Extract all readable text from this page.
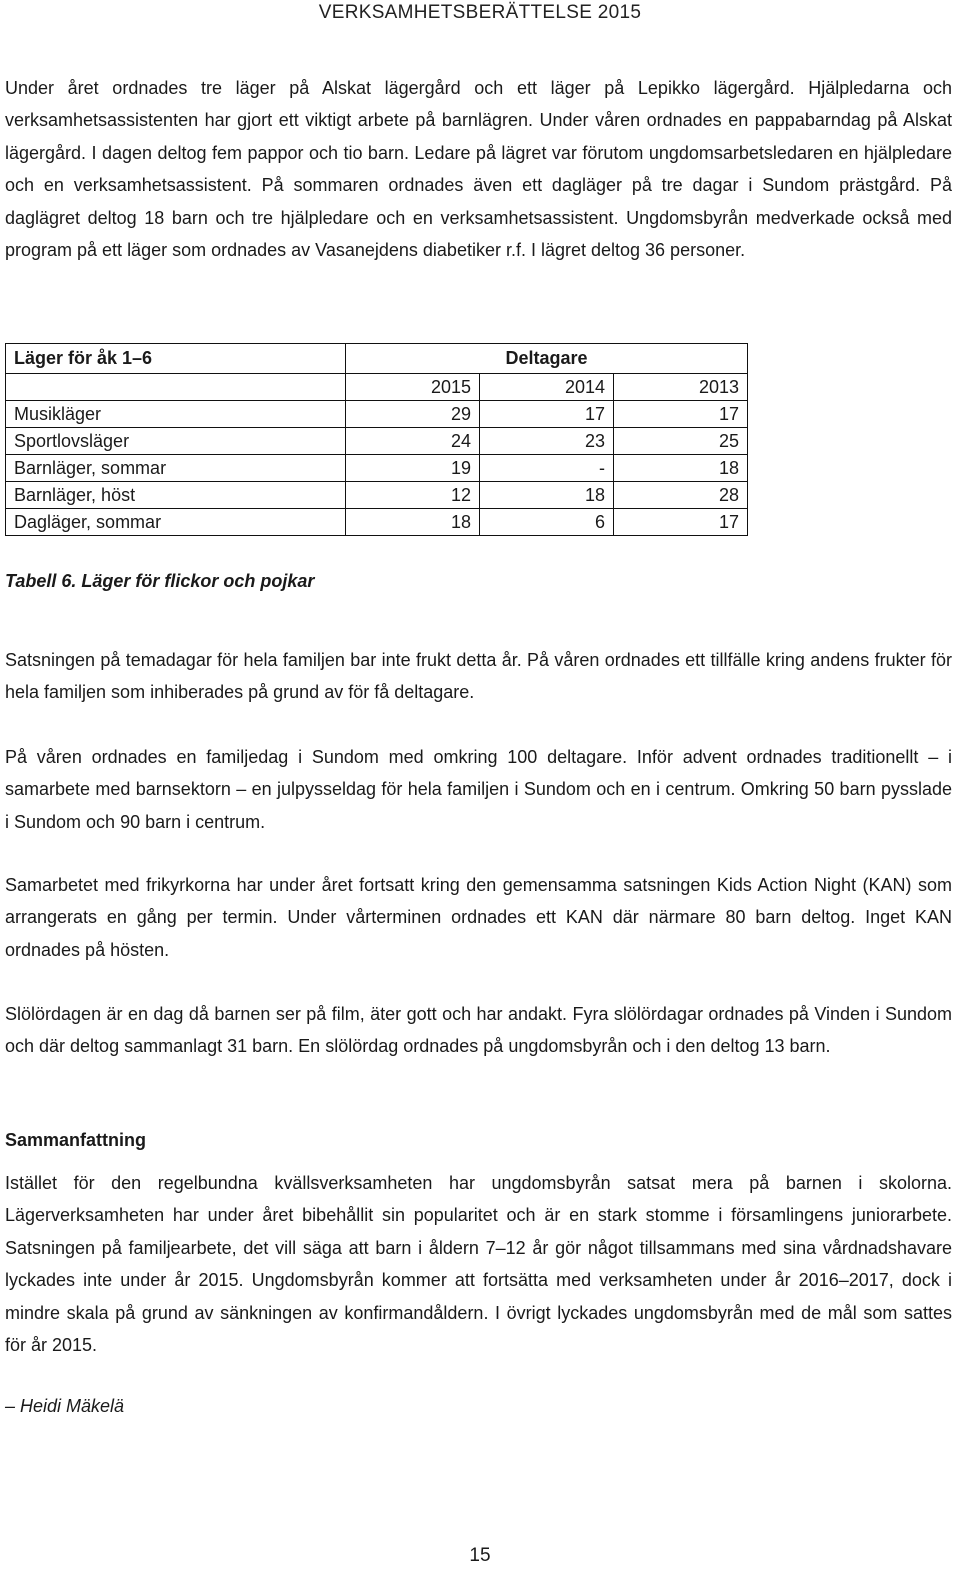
VERKSAMHETSBERÄTTELSE 2015

Under året ordnades tre läger på Alskat lägergård och ett läger på Lepikko lägergård. Hjälpledarna och verksamhetsassistenten har gjort ett viktigt arbete på barnlägren. Under våren ordnades en pappabarndag på Alskat lägergård. I dagen deltog fem pappor och tio barn. Ledare på lägret var förutom ungdomsarbetsledaren en hjälpledare och en verksamhetsassistent. På sommaren ordnades även ett dagläger på tre dagar i Sundom prästgård. På daglägret deltog 18 barn och tre hjälpledare och en verksamhetsassistent. Ungdomsbyrån medverkade också med program på ett läger som ordnades av Vasanejdens diabetiker r.f. I lägret deltog 36 personer.

Läger för åk 1–6	Deltagare		
	2015	2014	2013
Musikläger	29	17	17
Sportlovsläger	24	23	25
Barnläger, sommar	19	-	18
Barnläger, höst	12	18	28
Dagläger, sommar	18	6	17
Tabell 6. Läger för flickor och pojkar

Satsningen på temadagar för hela familjen bar inte frukt detta år. På våren ordnades ett tillfälle kring andens frukter för hela familjen som inhiberades på grund av för få deltagare.

På våren ordnades en familjedag i Sundom med omkring 100 deltagare. Inför advent ordnades traditionellt – i samarbete med barnsektorn – en julpysseldag för hela familjen i Sundom och en i centrum. Omkring 50 barn pysslade i Sundom och 90 barn i centrum.

Samarbetet med frikyrkorna har under året fortsatt kring den gemensamma satsningen Kids Action Night (KAN) som arrangerats en gång per termin. Under vårterminen ordnades ett KAN där närmare 80 barn deltog. Inget KAN ordnades på hösten.

Slölördagen är en dag då barnen ser på film, äter gott och har andakt. Fyra slölördagar ordnades på Vinden i Sundom och där deltog sammanlagt 31 barn. En slölördag ordnades på ungdomsbyrån och i den deltog 13 barn.

Sammanfattning

Istället för den regelbundna kvällsverksamheten har ungdomsbyrån satsat mera på barnen i skolorna. Lägerverksamheten har under året bibehållit sin popularitet och är en stark stomme i församlingens juniorarbete. Satsningen på familjearbete, det vill säga att barn i åldern 7–12 år gör något tillsammans med sina vårdnadshavare lyckades inte under år 2015. Ungdomsbyrån kommer att fortsätta med verksamheten under år 2016–2017, dock i mindre skala på grund av sänkningen av konfirmandåldern. I övrigt lyckades ungdomsbyrån med de mål som sattes för år 2015.

– Heidi Mäkelä
15
